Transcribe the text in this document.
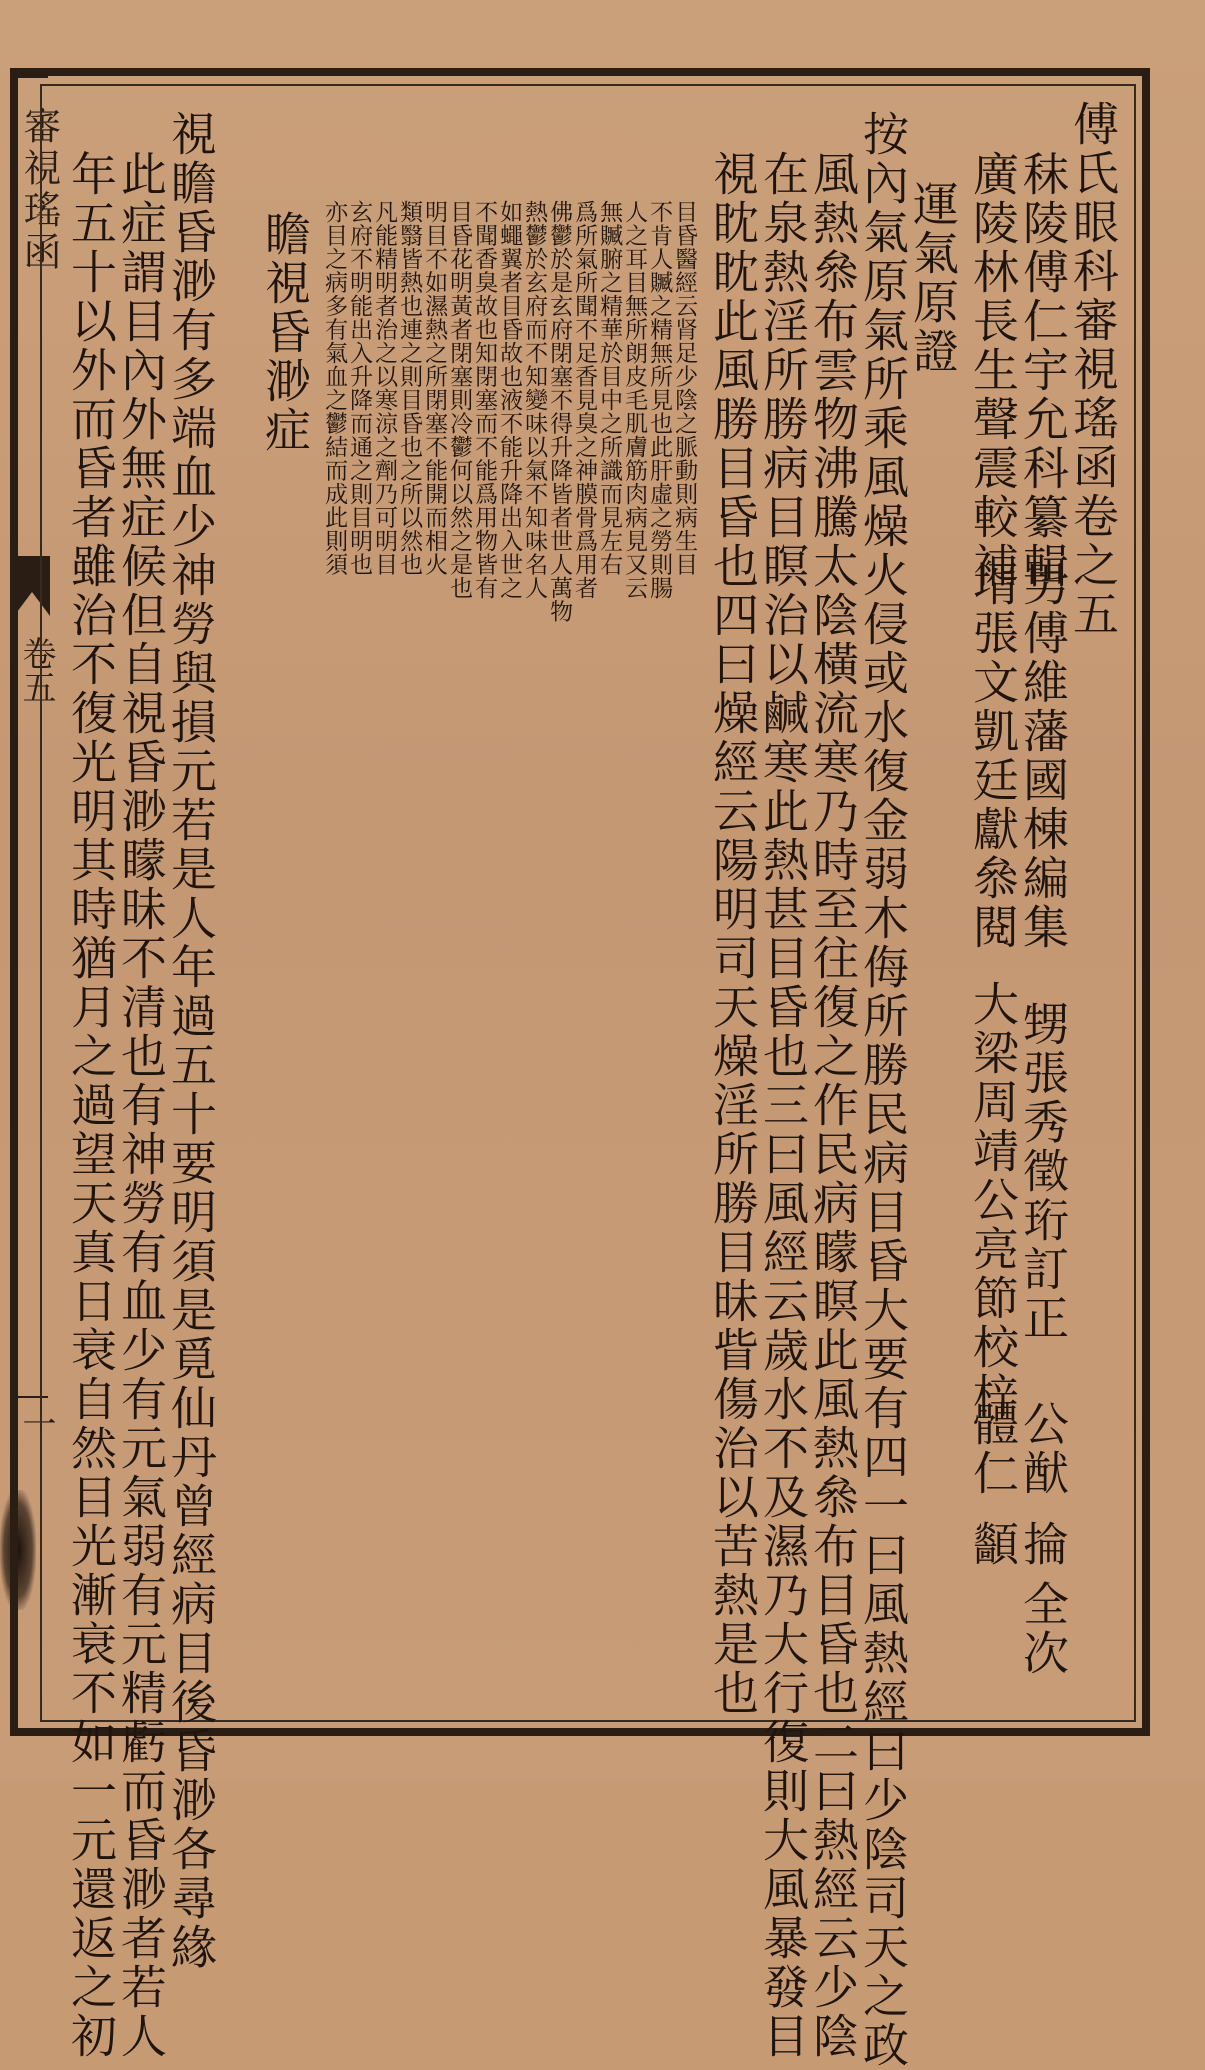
審視瑤函
卷五
一
傅氏眼科審視瑤函卷之五
秣陵傅仁宇允科纂輯
廣陵林長生聲震較補
壻張文凱廷獻叅閱
男傅維藩國棟編集
甥張秀徵珩訂正
大梁周靖公亮節校梓
公猷
體仁
掄
顲
全次
運氣原證
按內氣原氣所乘風燥火侵或水復金弱木侮所勝民病目昏大要有四一曰風熱經曰少陰司天之政
風熱叅布雲物沸騰太陰橫流寒乃時至往復之作民病矇瞑此風熱叅布目昏也二曰熱經云少陰
在泉熱淫所勝病目瞑治以鹹寒此熱甚目昏也三曰風經云歲水不及濕乃大行復則大風暴發目
視眈眈此風勝目昏也四曰燥經云陽明司天燥淫所勝目昧眥傷治以苦熱是也
目昏醫經云肾足少陰之脈動則病生目
不肯人贓之精無所見也此肝虛之勞則腸
人之耳目無所朗皮毛肌膚筋肉病見又云
無贓腑之精華於目中之所識而見左右
爲所氣所聞不足香見臭之神膜骨爲用者
佛鬱於是玄府閉塞不得升降皆者世人萬物
熱鬱於玄府而不知變味以氣不知味名人
如蠅翼者目昏故也液不能升降出入世之
不聞香臭故也知閉塞而不能爲用物皆有
目昏花明黃者閉塞則冷鬱何以然之是也
明目不如濕熱之所閉塞不能開而相火
類翳皆熱也連之則目昏也之所以然也
凡能精明者治之以寒涼之劑乃可明目
玄府不明能出入升降而通之則目明也
亦目之病多有氣血之鬱結而成此則須
瞻視昏渺症
視瞻昏渺有多端血少神勞與損元若是人年過五十要明須是覓仙丹曾經病目後昏渺各尋緣
此症謂目內外無症候但自視昏渺矇昧不清也有神勞有血少有元氣弱有元精虧而昏渺者若人
年五十以外而昏者雖治不復光明其時猶月之過望天真日衰自然目光漸衰不如一元還返之初
